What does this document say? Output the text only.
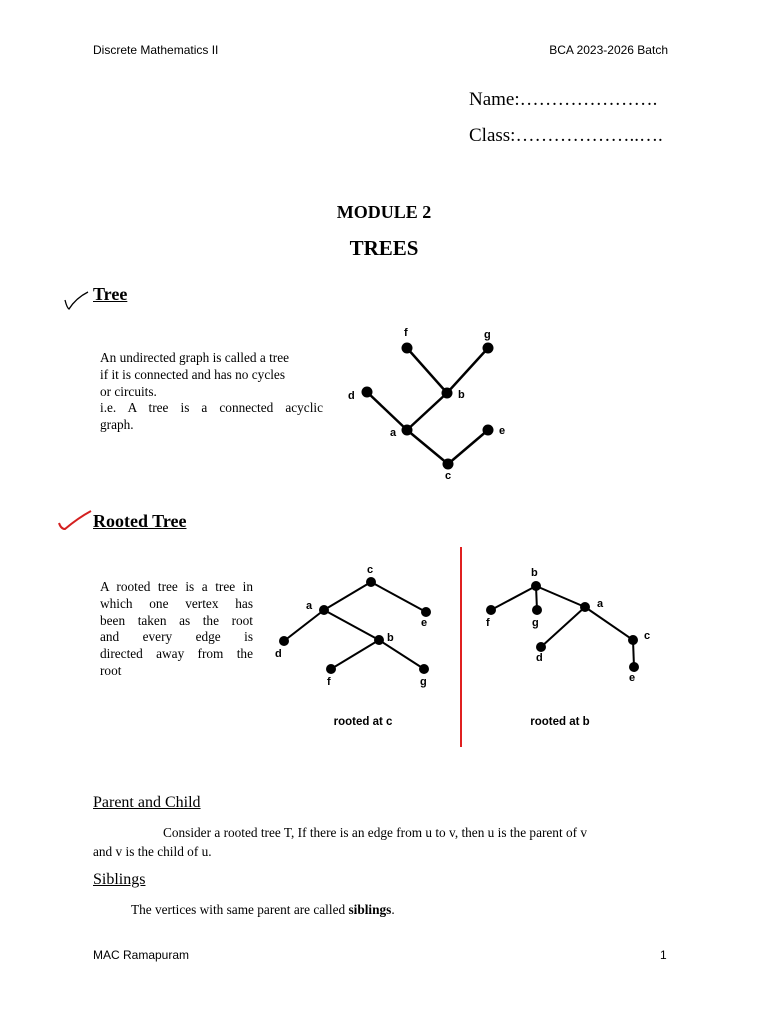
Discrete Mathematics II	BCA 2023-2026 Batch
Name:………………….
Class:………………..….
MODULE 2
TREES
Tree
An undirected graph is called a tree
if it is connected and has no cycles
or circuits.
i.e. A tree is a connected acyclic
graph.
f	g
b
d
a	e
c
Rooted Tree
A rooted tree is a tree in
which one vertex has
been taken as the root
and every edge is
directed away from the
root
c
a
e
d
b
f	g
rooted at c
b
f	g
a
d
c
e
rooted at b
Parent and Child
Consider a rooted tree T, If there is an edge from u to v, then u is the parent of v
and v is the child of u.
Siblings
The vertices with same parent are called siblings.
MAC Ramapuram	1
